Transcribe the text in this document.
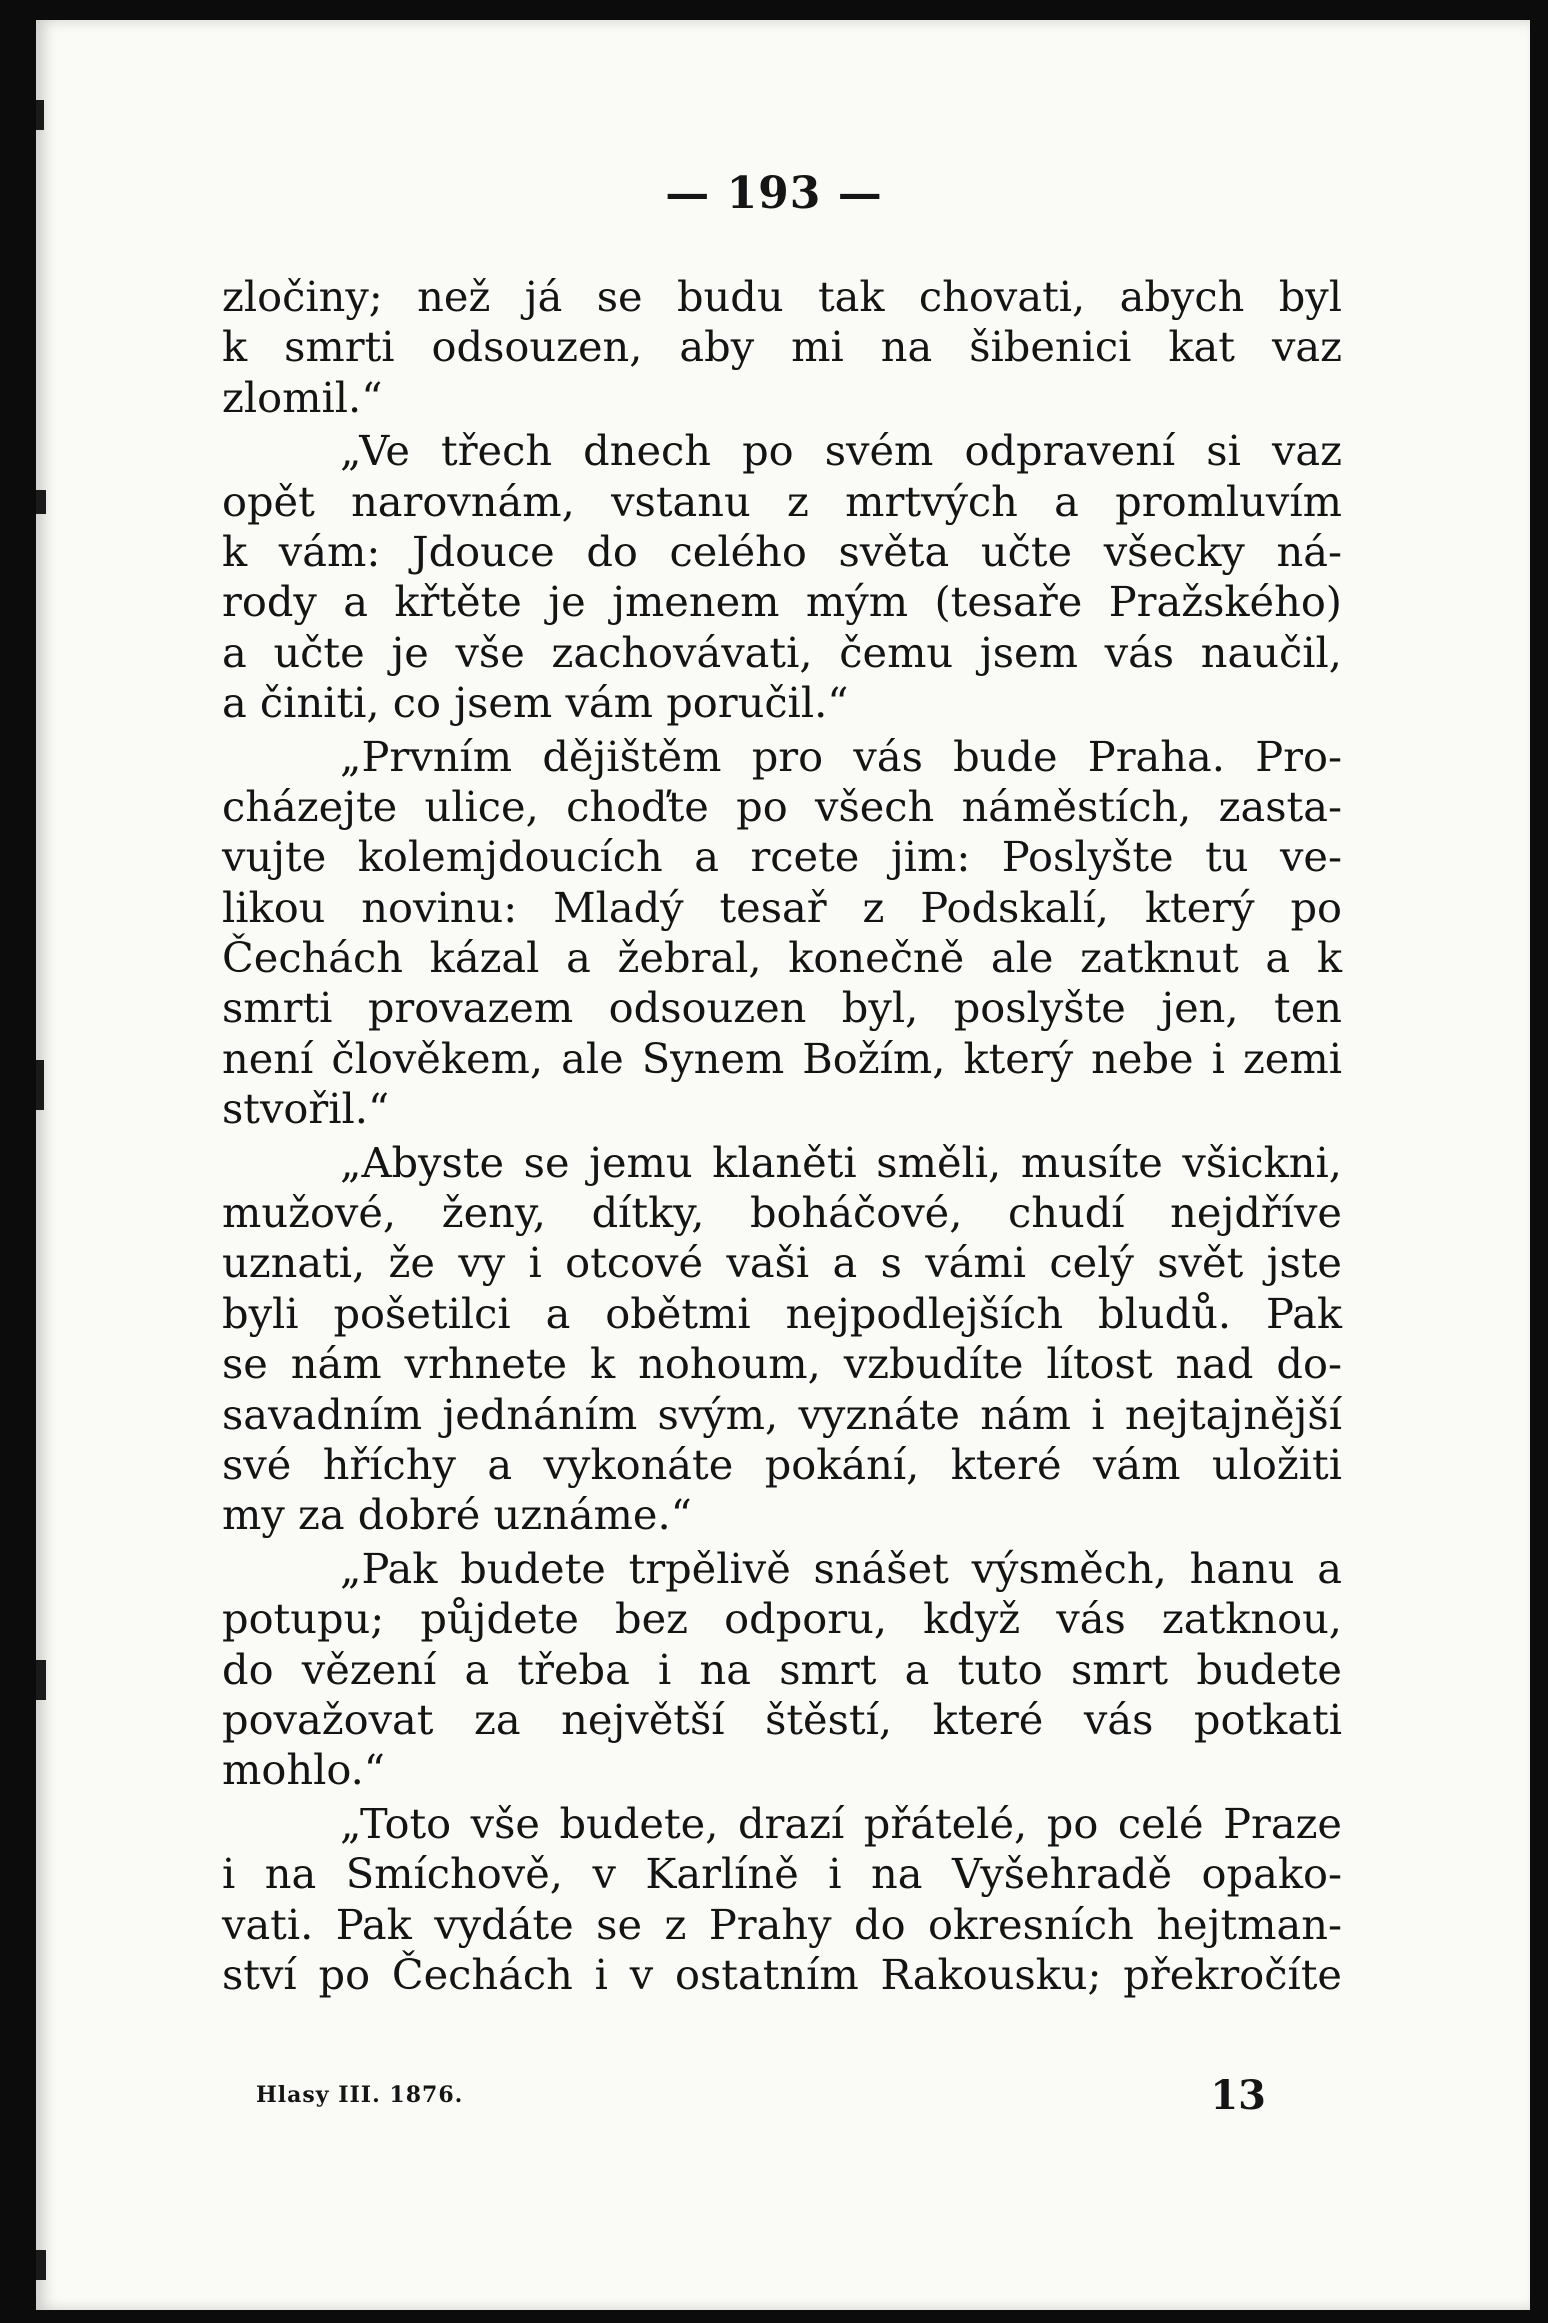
— 193 —
zločiny; než já se budu tak chovati, abych byl
k smrti odsouzen, aby mi na šibenici kat vaz
zlomil.“
„Ve třech dnech po svém odpravení si vaz
opět narovnám, vstanu z mrtvých a promluvím
k vám: Jdouce do celého světa učte všecky ná-
rody a křtěte je jmenem mým (tesaře Pražského)
a učte je vše zachovávati, čemu jsem vás naučil,
a činiti, co jsem vám poručil.“
„Prvním dějištěm pro vás bude Praha. Pro-
cházejte ulice, choďte po všech náměstích, zasta-
vujte kolemjdoucích a rcete jim: Poslyšte tu ve-
likou novinu: Mladý tesař z Podskalí, který po
Čechách kázal a žebral, konečně ale zatknut a k
smrti provazem odsouzen byl, poslyšte jen, ten
není člověkem, ale Synem Božím, který nebe i zemi
stvořil.“
„Abyste se jemu klaněti směli, musíte všickni,
mužové, ženy, dítky, boháčové, chudí nejdříve
uznati, že vy i otcové vaši a s vámi celý svět jste
byli pošetilci a obětmi nejpodlejších bludů. Pak
se nám vrhnete k nohoum, vzbudíte lítost nad do-
savadním jednáním svým, vyznáte nám i nejtajnější
své hříchy a vykonáte pokání, které vám uložiti
my za dobré uznáme.“
„Pak budete trpělivě snášet výsměch, hanu a
potupu; půjdete bez odporu, když vás zatknou,
do vězení a třeba i na smrt a tuto smrt budete
považovat za největší štěstí, které vás potkati
mohlo.“
„Toto vše budete, drazí přátelé, po celé Praze
i na Smíchově, v Karlíně i na Vyšehradě opako-
vati. Pak vydáte se z Prahy do okresních hejtman-
ství po Čechách i v ostatním Rakousku; překročíte
Hlasy III. 1876.	13
